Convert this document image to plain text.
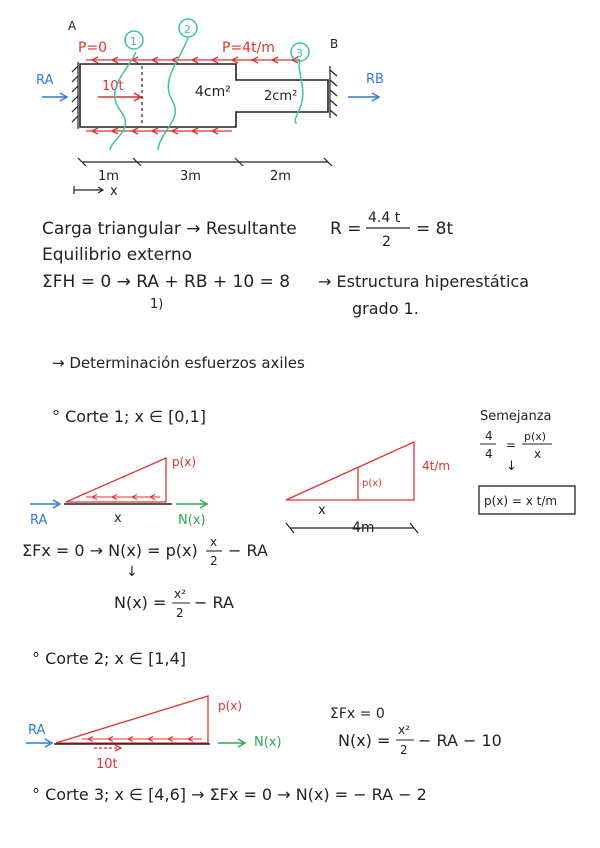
A
B
P=0	P=4t/m
RA	RB
10t	4cm²	2cm²
1
2
3
1m	3m	2m
x
Carga triangular → Resultante R =
4.4 t
2
= 8t
Equilibrio externo
ΣFH = 0 → RA + RB + 10 = 8 → Estructura hiperestática
1)	grado 1.
→ Determinación esfuerzos axiles
° Corte 1; x ∈ [0,1]
p(x)
RA	x	N(x)
ΣFx = 0 → N(x) = p(x) x
2
− RA
↓
N(x) = x²
2
− RA
p(x)
4t/m
x
4m
Semejanza
4
4
=
p(x)
x
↓
p(x) = x t/m
° Corte 2; x ∈ [1,4]
p(x)
RA
N(x)
10t
ΣFx = 0
N(x) =
x²
2 − RA − 10
° Corte 3; x ∈ [4,6] → ΣFx = 0 → N(x) = − RA − 2
